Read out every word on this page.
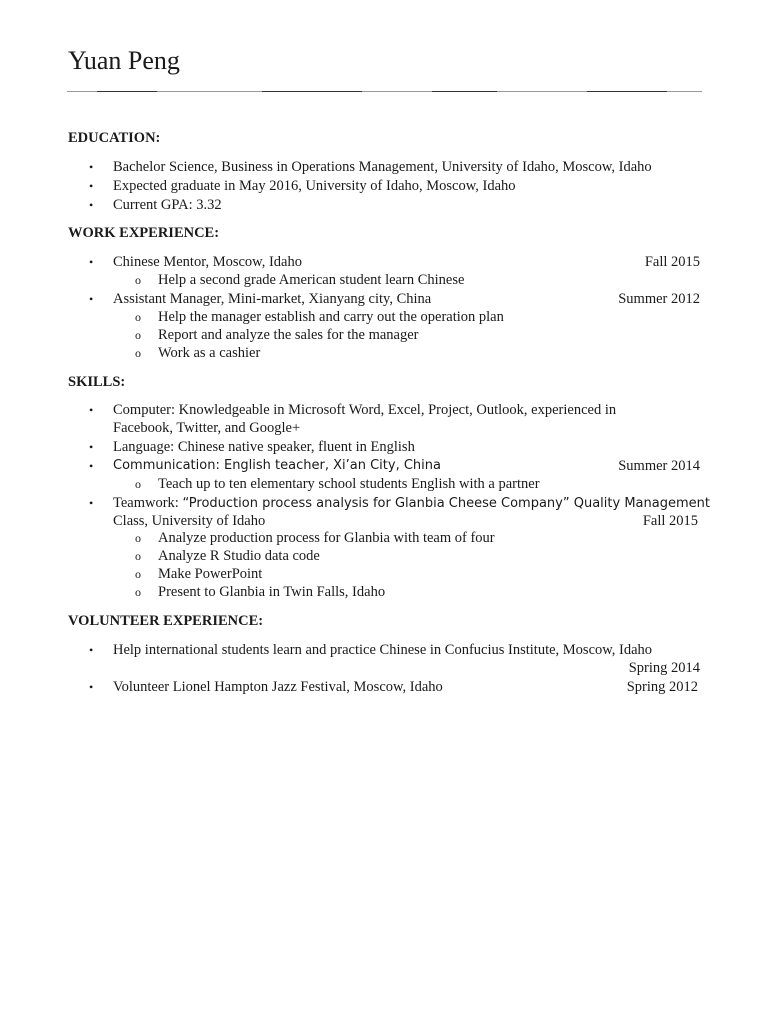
Yuan Peng
EDUCATION:
• Bachelor Science, Business in Operations Management, University of Idaho, Moscow, Idaho
• Expected graduate in May 2016, University of Idaho, Moscow, Idaho
• Current GPA: 3.32
WORK EXPERIENCE:
• Chinese Mentor, Moscow, Idaho	Fall 2015
o Help a second grade American student learn Chinese
• Assistant Manager, Mini-market, Xianyang city, China	Summer 2012
o Help the manager establish and carry out the operation plan
o Report and analyze the sales for the manager
o Work as a cashier
SKILLS:
• Computer: Knowledgeable in Microsoft Word, Excel, Project, Outlook, experienced in
Facebook, Twitter, and Google+
• Language: Chinese native speaker, fluent in English
• Communication: English teacher, Xi’an City, China	Summer 2014
o Teach up to ten elementary school students English with a partner
• Teamwork: “Production process analysis for Glanbia Cheese Company” Quality Management
Class, University of Idaho	Fall 2015
o Analyze production process for Glanbia with team of four
o Analyze R Studio data code
o Make PowerPoint
o Present to Glanbia in Twin Falls, Idaho
VOLUNTEER EXPERIENCE:
• Help international students learn and practice Chinese in Confucius Institute, Moscow, Idaho
Spring 2014
• Volunteer Lionel Hampton Jazz Festival, Moscow, Idaho	Spring 2012
